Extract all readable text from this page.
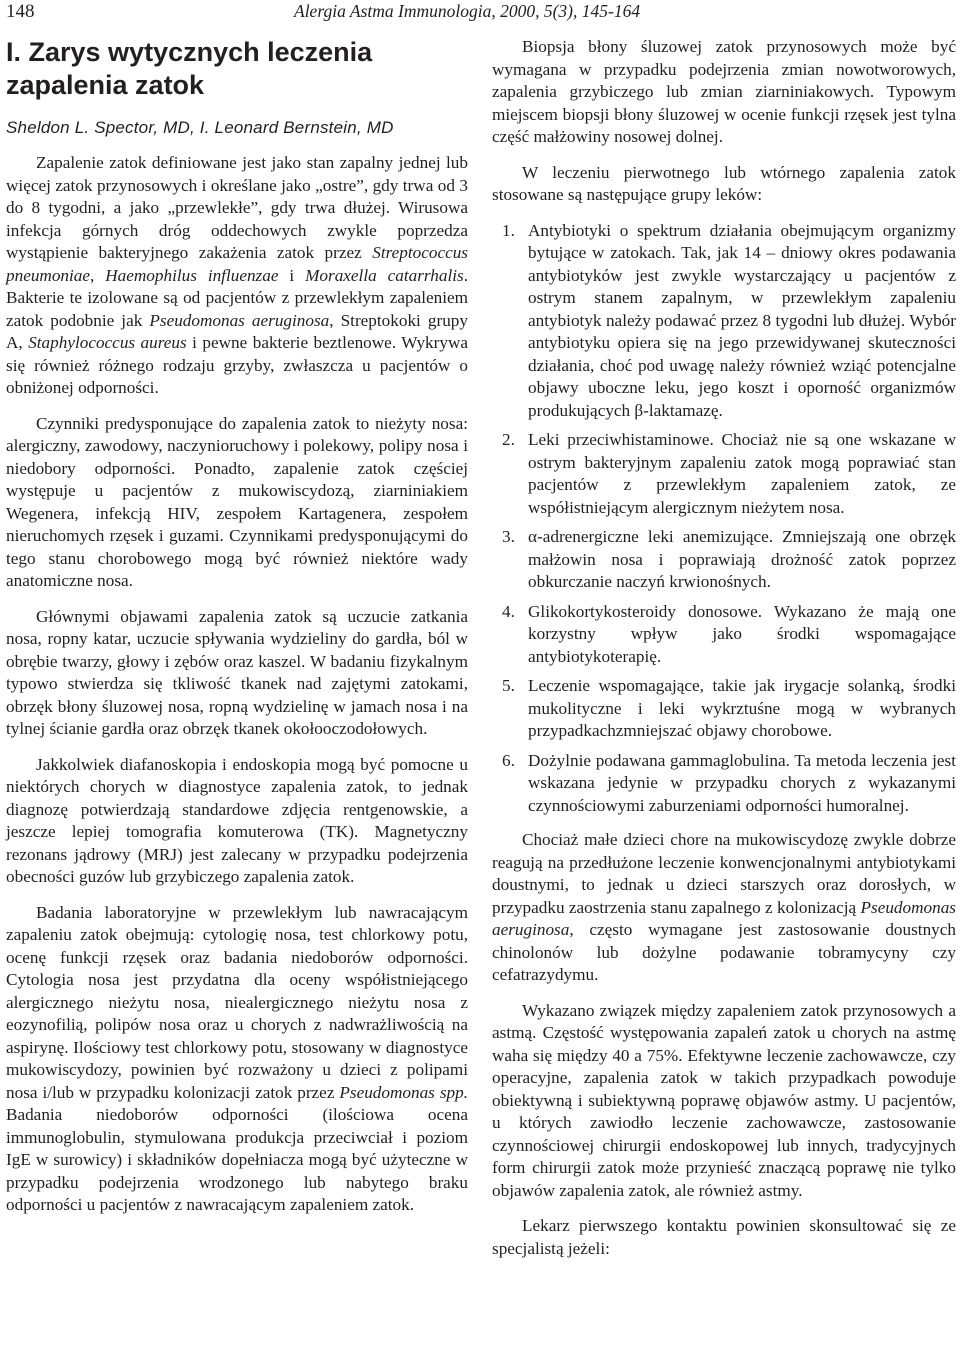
148	Alergia Astma Immunologia, 2000, 5(3), 145-164
I. Zarys wytycznych leczenia zapalenia zatok
Sheldon L. Spector, MD, I. Leonard Bernstein, MD

Zapalenie zatok definiowane jest jako stan zapalny jednej lub więcej zatok przynosowych i określane jako „ostre”, gdy trwa od 3 do 8 tygodni, a jako „przewlekłe”, gdy trwa dłużej. Wirusowa infekcja górnych dróg oddechowych zwykle poprzedza wystąpienie bakteryjnego zakażenia zatok przez Streptococcus pneumoniae, Haemophilus influenzae i Moraxella catarrhalis. Bakterie te izolowane są od pacjentów z przewlekłym zapaleniem zatok podobnie jak Pseudomonas aeruginosa, Streptokoki grupy A, Staphylococcus aureus i pewne bakterie beztlenowe. Wykrywa się również różnego rodzaju grzyby, zwłaszcza u pacjentów o obniżonej odporności.

Czynniki predysponujące do zapalenia zatok to nieżyty nosa: alergiczny, zawodowy, naczynioruchowy i polekowy, polipy nosa i niedobory odporności. Ponadto, zapalenie zatok częściej występuje u pacjentów z mukowiscydozą, ziarniniakiem Wegenera, infekcją HIV, zespołem Kartagenera, zespołem nieruchomych rzęsek i guzami. Czynnikami predysponującymi do tego stanu chorobowego mogą być również niektóre wady anatomiczne nosa.

Głównymi objawami zapalenia zatok są uczucie zatkania nosa, ropny katar, uczucie spływania wydzieliny do gardła, ból w obrębie twarzy, głowy i zębów oraz kaszel. W badaniu fizykalnym typowo stwierdza się tkliwość tkanek nad zajętymi zatokami, obrzęk błony śluzowej nosa, ropną wydzielinę w jamach nosa i na tylnej ścianie gardła oraz obrzęk tkanek okołooczodołowych.

Jakkolwiek diafanoskopia i endoskopia mogą być pomocne u niektórych chorych w diagnostyce zapalenia zatok, to jednak diagnozę potwierdzają standardowe zdjęcia rentgenowskie, a jeszcze lepiej tomografia komuterowa (TK). Magnetyczny rezonans jądrowy (MRJ) jest zalecany w przypadku podejrzenia obecności guzów lub grzybiczego zapalenia zatok.

Badania laboratoryjne w przewlekłym lub nawracającym zapaleniu zatok obejmują: cytologię nosa, test chlorkowy potu, ocenę funkcji rzęsek oraz badania niedoborów odporności. Cytologia nosa jest przydatna dla oceny współistniejącego alergicznego nieżytu nosa, niealergicznego nieżytu nosa z eozynofilią, polipów nosa oraz u chorych z nadwrażliwością na aspirynę. Ilościowy test chlorkowy potu, stosowany w diagnostyce mukowiscydozy, powinien być rozważony u dzieci z polipami nosa i/lub w przypadku kolonizacji zatok przez Pseudomonas spp. Badania niedoborów odporności (ilościowa ocena immunoglobulin, stymulowana produkcja przeciwciał i poziom IgE w surowicy) i składników dopełniacza mogą być użyteczne w przypadku podejrzenia wrodzonego lub nabytego braku odporności u pacjentów z nawracającym zapaleniem zatok.

Biopsja błony śluzowej zatok przynosowych może być wymagana w przypadku podejrzenia zmian nowotworowych, zapalenia grzybiczego lub zmian ziarniniakowych. Typowym miejscem biopsji błony śluzowej w ocenie funkcji rzęsek jest tylna część małżowiny nosowej dolnej.

W leczeniu pierwotnego lub wtórnego zapalenia zatok stosowane są następujące grupy leków:

1. Antybiotyki o spektrum działania obejmującym organizmy bytujące w zatokach. Tak, jak 14 – dniowy okres podawania antybiotyków jest zwykle wystarczający u pacjentów z ostrym stanem zapalnym, w przewlekłym zapaleniu antybiotyk należy podawać przez 8 tygodni lub dłużej. Wybór antybiotyku opiera się na jego przewidywanej skuteczności działania, choć pod uwagę należy również wziąć potencjalne objawy uboczne leku, jego koszt i oporność organizmów produkujących β-laktamazę.
2. Leki przeciwhistaminowe. Chociaż nie są one wskazane w ostrym bakteryjnym zapaleniu zatok mogą poprawiać stan pacjentów z przewlekłym zapaleniem zatok, ze współistniejącym alergicznym nieżytem nosa.
3. α-adrenergiczne leki anemizujące. Zmniejszają one obrzęk małżowin nosa i poprawiają drożność zatok poprzez obkurczanie naczyń krwionośnych.
4. Glikokortykosteroidy donosowe. Wykazano że mają one korzystny wpływ jako środki wspomagające antybiotykoterapię.
5. Leczenie wspomagające, takie jak irygacje solanką, środki mukolityczne i leki wykrztuśne mogą w wybranych przypadkachzmniejszać objawy chorobowe.
6. Dożylnie podawana gammaglobulina. Ta metoda leczenia jest wskazana jedynie w przypadku chorych z wykazanymi czynnościowymi zaburzeniami odporności humoralnej.

Chociaż małe dzieci chore na mukowiscydozę zwykle dobrze reagują na przedłużone leczenie konwencjonalnymi antybiotykami doustnymi, to jednak u dzieci starszych oraz dorosłych, w przypadku zaostrzenia stanu zapalnego z kolonizacją Pseudomonas aeruginosa, często wymagane jest zastosowanie doustnych chinolonów lub dożylne podawanie tobramycyny czy cefatrazydymu.

Wykazano związek między zapaleniem zatok przynosowych a astmą. Częstość występowania zapaleń zatok u chorych na astmę waha się między 40 a 75%. Efektywne leczenie zachowawcze, czy operacyjne, zapalenia zatok w takich przypadkach powoduje obiektywną i subiektywną poprawę objawów astmy. U pacjentów, u których zawiodło leczenie zachowawcze, zastosowanie czynnościowej chirurgii endoskopowej lub innych, tradycyjnych form chirurgii zatok może przynieść znaczącą poprawę nie tylko objawów zapalenia zatok, ale również astmy.

Lekarz pierwszego kontaktu powinien skonsultować się ze specjalistą jeżeli:
